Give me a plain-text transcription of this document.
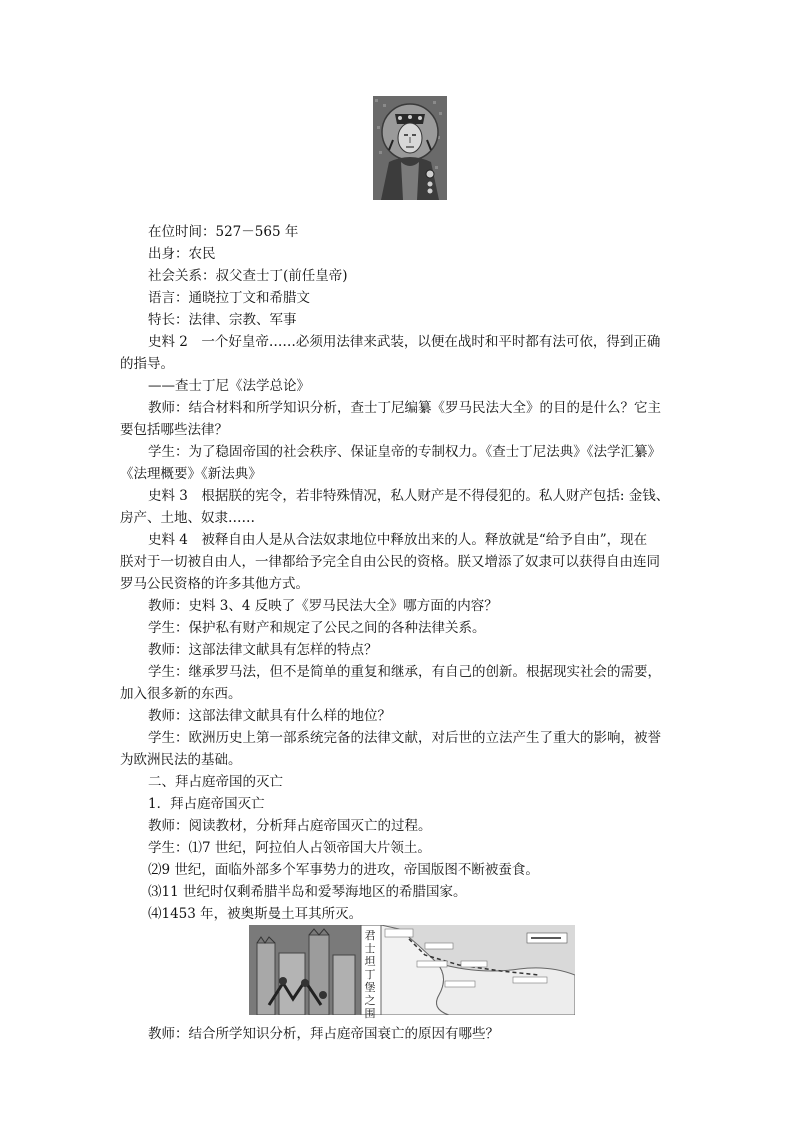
在位时间：527－565 年
出身：农民
社会关系：叔父查士丁(前任皇帝)
语言：通晓拉丁文和希腊文
特长：法律、宗教、军事
史料 2　一个好皇帝……必须用法律来武装，以便在战时和平时都有法可依，得到正确
的指导。
——查士丁尼《法学总论》
教师：结合材料和所学知识分析，查士丁尼编纂《罗马民法大全》的目的是什么？它主
要包括哪些法律？
学生：为了稳固帝国的社会秩序、保证皇帝的专制权力。《查士丁尼法典》《法学汇纂》
《法理概要》《新法典》
史料 3　根据朕的宪令，若非特殊情况，私人财产是不得侵犯的。私人财产包括: 金钱、
房产、土地、奴隶……
史料 4　被释自由人是从合法奴隶地位中释放出来的人。释放就是“给予自由”，现在
朕对于一切被自由人，一律都给予完全自由公民的资格。朕又增添了奴隶可以获得自由连同
罗马公民资格的许多其他方式。
教师：史料 3、4 反映了《罗马民法大全》哪方面的内容？
学生：保护私有财产和规定了公民之间的各种法律关系。
教师：这部法律文献具有怎样的特点？
学生：继承罗马法，但不是简单的重复和继承，有自己的创新。根据现实社会的需要，
加入很多新的东西。
教师：这部法律文献具有什么样的地位？
学生：欧洲历史上第一部系统完备的法律文献，对后世的立法产生了重大的影响，被誉
为欧洲民法的基础。
二、拜占庭帝国的灭亡
1．拜占庭帝国灭亡
教师：阅读教材，分析拜占庭帝国灭亡的过程。
学生：⑴7 世纪，阿拉伯人占领帝国大片领土。
⑵9 世纪，面临外部多个军事势力的进攻，帝国版图不断被蚕食。
⑶11 世纪时仅剩希腊半岛和爱琴海地区的希腊国家。
⑷1453 年，被奥斯曼土耳其所灭。
君士坦丁堡之围
教师：结合所学知识分析，拜占庭帝国衰亡的原因有哪些？
